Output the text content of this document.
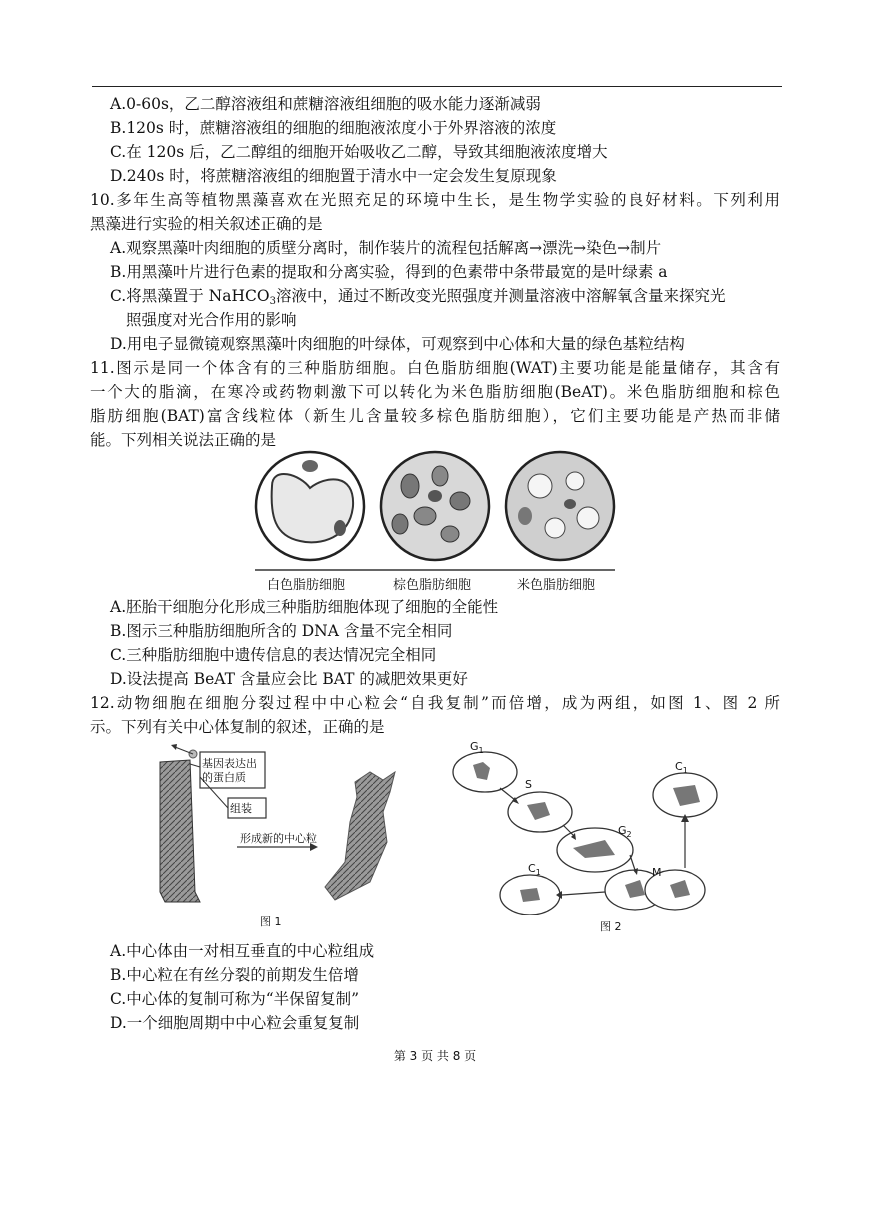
A.0-60s，乙二醇溶液组和蔗糖溶液组细胞的吸水能力逐渐减弱
B.120s 时，蔗糖溶液组的细胞的细胞液浓度小于外界溶液的浓度
C.在 120s 后，乙二醇组的细胞开始吸收乙二醇，导致其细胞液浓度增大
D.240s 时，将蔗糖溶液组的细胞置于清水中一定会发生复原现象
10.多年生高等植物黑藻喜欢在光照充足的环境中生长，是生物学实验的良好材料。下列利用
黑藻进行实验的相关叙述正确的是
A.观察黑藻叶肉细胞的质壁分离时，制作装片的流程包括解离→漂洗→染色→制片
B.用黑藻叶片进行色素的提取和分离实验，得到的色素带中条带最宽的是叶绿素 a
C.将黑藻置于 NaHCO$_3$溶液中，通过不断改变光照强度并测量溶液中溶解氧含量来探究光
照强度对光合作用的影响
D.用电子显微镜观察黑藻叶肉细胞的叶绿体，可观察到中心体和大量的绿色基粒结构
11.图示是同一个体含有的三种脂肪细胞。白色脂肪细胞(WAT)主要功能是能量储存，其含有
一个大的脂滴，在寒冷或药物刺激下可以转化为米色脂肪细胞(BeAT)。米色脂肪细胞和棕色
脂肪细胞(BAT)富含线粒体（新生儿含量较多棕色脂肪细胞），它们主要功能是产热而非储
能。下列相关说法正确的是
白色脂肪细胞	棕色脂肪细胞	米色脂肪细胞
A.胚胎干细胞分化形成三种脂肪细胞体现了细胞的全能性
B.图示三种脂肪细胞所含的 DNA 含量不完全相同
C.三种脂肪细胞中遗传信息的表达情况完全相同
D.设法提高 BeAT 含量应会比 BAT 的减肥效果更好
12.动物细胞在细胞分裂过程中中心粒会“自我复制”而倍增，成为两组，如图 1、图 2 所
示。下列有关中心体复制的叙述，正确的是
基因表达出
的蛋白质
组装
形成新的中心粒
图 1
$G_1$
S
$G_2$
$C_1$
M
$C_1$
图 2
A.中心体由一对相互垂直的中心粒组成
B.中心粒在有丝分裂的前期发生倍增
C.中心体的复制可称为“半保留复制”
D.一个细胞周期中中心粒会重复复制
第 3 页 共 8 页
